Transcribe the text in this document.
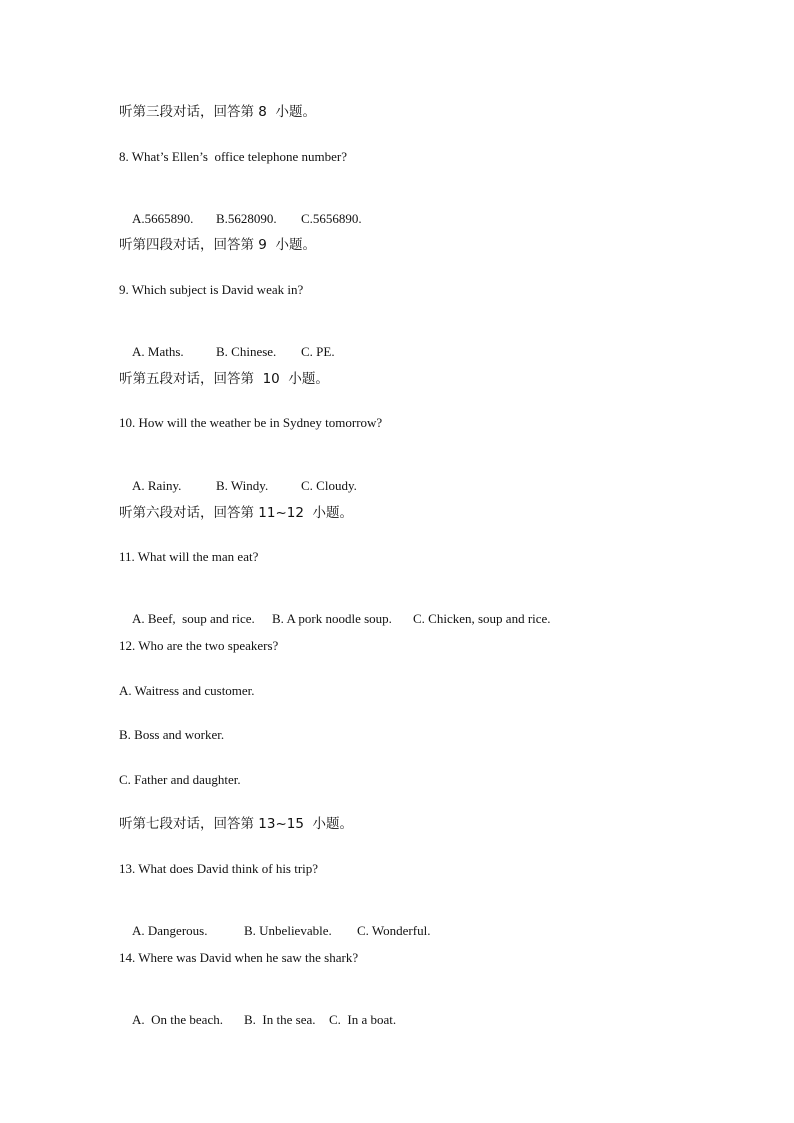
听第三段对话，回答第 8  小题。
8. What’s Ellen’s  office telephone number?

A.5665890. B.5628090. C.5656890.

听第四段对话，回答第 9  小题。
9. Which subject is David weak in?

A. Maths. B. Chinese. C. PE.

听第五段对话，回答第  10  小题。
10. How will the weather be in Sydney tomorrow?

A. Rainy.	B. Windy.	C. Cloudy.

听第六段对话，回答第 11~12  小题。
11. What will the man eat?

A. Beef,  soup and rice. B. A pork noodle soup. C. Chicken, soup and rice.

12. Who are the two speakers?
A. Waitress and customer.
B. Boss and worker.
C. Father and daughter.
听第七段对话，回答第 13~15  小题。
13. What does David think of his trip?

A. Dangerous.	B. Unbelievable. C. Wonderful.

14. Where was David when he saw the shark?

A.  On the beach. B.  In the sea. C.  In a boat.
